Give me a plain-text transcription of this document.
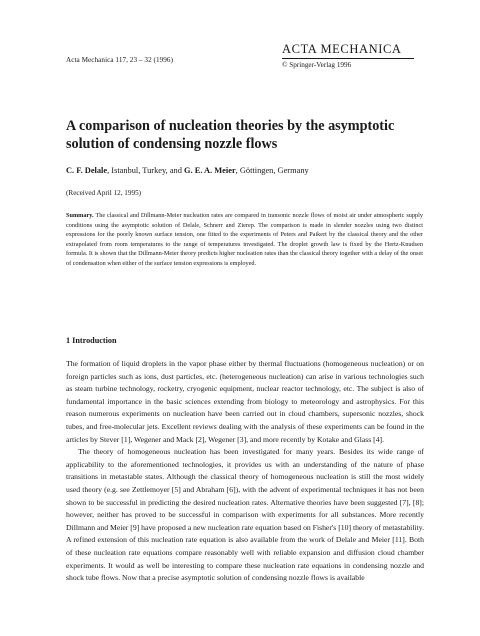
Acta Mechanica 117, 23 – 32 (1996)
ACTA MECHANICA
© Springer-Verlag 1996
A comparison of nucleation theories by the asymptotic solution of condensing nozzle flows
C. F. Delale, Istanbul, Turkey, and G. E. A. Meier, Göttingen, Germany
(Received April 12, 1995)

Summary. The classical and Dillmann-Meier nucleation rates are compared in transonic nozzle flows of moist air under atmospheric supply conditions using the asymptotic solution of Delale, Schnerr and Zierep. The comparison is made in slender nozzles using two distinct expressions for the poorly known surface tension, one fitted to the experiments of Peters and Paikert by the classical theory and the other extrapolated from room temperatures to the range of temperatures investigated. The droplet growth law is fixed by the Hertz-Knudsen formula. It is shown that the Dillmann-Meier theory predicts higher nucleation rates than the classical theory together with a delay of the onset of condensation when either of the surface tension expressions is employed.

1 Introduction

The formation of liquid droplets in the vapor phase either by thermal fluctuations (homogeneous nucleation) or on foreign particles such as ions, dust particles, etc. (heterogeneous nucleation) can arise in various technologies such as steam turbine technology, rocketry, cryogenic equipment, nuclear reactor technology, etc. The subject is also of fundamental importance in the basic sciences extending from biology to meteorology and astrophysics. For this reason numerous experiments on nucleation have been carried out in cloud chambers, supersonic nozzles, shock tubes, and free-molecular jets. Excellent reviews dealing with the analysis of these experiments can be found in the articles by Stever [1], Wegener and Mack [2], Wegener [3], and more recently by Kotake and Glass [4].

The theory of homogeneous nucleation has been investigated for many years. Besides its wide range of applicability to the aforementioned technologies, it provides us with an understanding of the nature of phase transitions in metastable states. Although the classical theory of homogeneous nucleation is still the most widely used theory (e.g. see Zettlemoyer [5] and Abraham [6]), with the advent of experimental techniques it has not been shown to be successful in predicting the desired nucleation rates. Alternative theories have been suggested [7], [8]; however, neither has proved to be successful in comparison with experiments for all substances. More recently Dillmann and Meier [9] have proposed a new nucleation rate equation based on Fisher's [10] theory of metastability. A refined extension of this nucleation rate equation is also available from the work of Delale and Meier [11]. Both of these nucleation rate equations compare reasonably well with reliable expansion and diffusion cloud chamber experiments. It would as well be interesting to compare these nucleation rate equations in condensing nozzle and shock tube flows. Now that a precise asymptotic solution of condensing nozzle flows is available
